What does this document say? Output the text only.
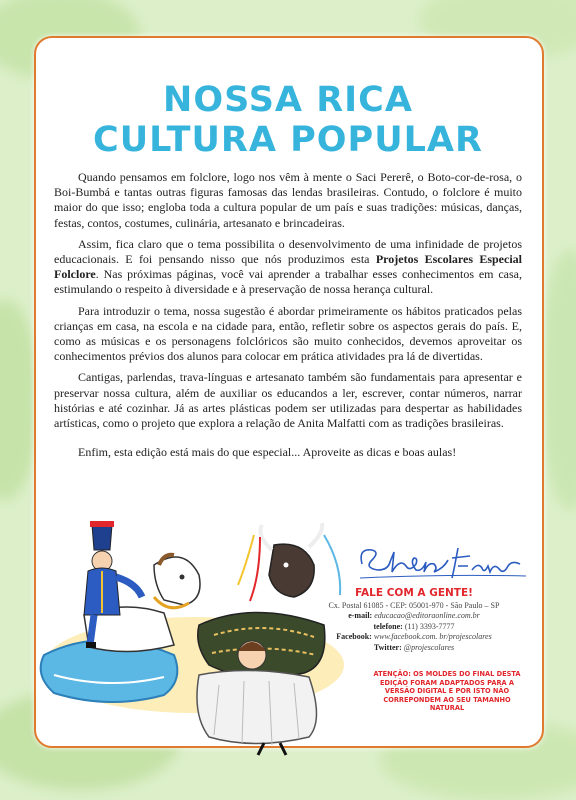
NOSSA RICA
CULTURA POPULAR

Quando pensamos em folclore, logo nos vêm à mente o Saci Pererê, o Boto-cor-de-rosa, o Boi-Bumbá e tantas outras figuras famosas das lendas brasileiras. Contudo, o folclore é muito maior do que isso; engloba toda a cultura popular de um país e suas tradições: músicas, danças, festas, contos, costumes, culinária, artesanato e brincadeiras.

Assim, fica claro que o tema possibilita o desenvolvimento de uma infinidade de projetos educacionais. E foi pensando nisso que nós produzimos esta Projetos Escolares Especial Folclore. Nas próximas páginas, você vai aprender a trabalhar esses conhecimentos em casa, estimulando o respeito à diversidade e à preservação de nossa herança cultural.

Para introduzir o tema, nossa sugestão é abordar primeiramente os hábitos praticados pelas crianças em casa, na escola e na cidade para, então, refletir sobre os aspectos gerais do país. E, como as músicas e os personagens folclóricos são muito conhecidos, devemos aproveitar os conhecimentos prévios dos alunos para colocar em prática atividades pra lá de divertidas.

Cantigas, parlendas, trava-línguas e artesanato também são fundamentais para apresentar e preservar nossa cultura, além de auxiliar os educandos a ler, escrever, contar números, narrar histórias e até cozinhar. Já as artes plásticas podem ser utilizadas para despertar as habilidades artísticas, como o projeto que explora a relação de Anita Malfatti com as tradições brasileiras.

Enfim, esta edição está mais do que especial... Aproveite as dicas e boas aulas!

FALE COM A GENTE!
Cx. Postal 61085 - CEP: 05001-970 - São Paulo – SP
e-mail: educacao@editoraonline.com.br
telefone: (11) 3393-7777
Facebook: www.facebook.com. br/projescolares
Twitter: @projescolares
ATENÇÃO: OS MOLDES DO FINAL DESTA EDIÇÃO FORAM ADAPTADOS PARA A VERSÃO DIGITAL E POR ISTO NÃO CORREPONDEM AO SEU TAMANHO NATURAL
